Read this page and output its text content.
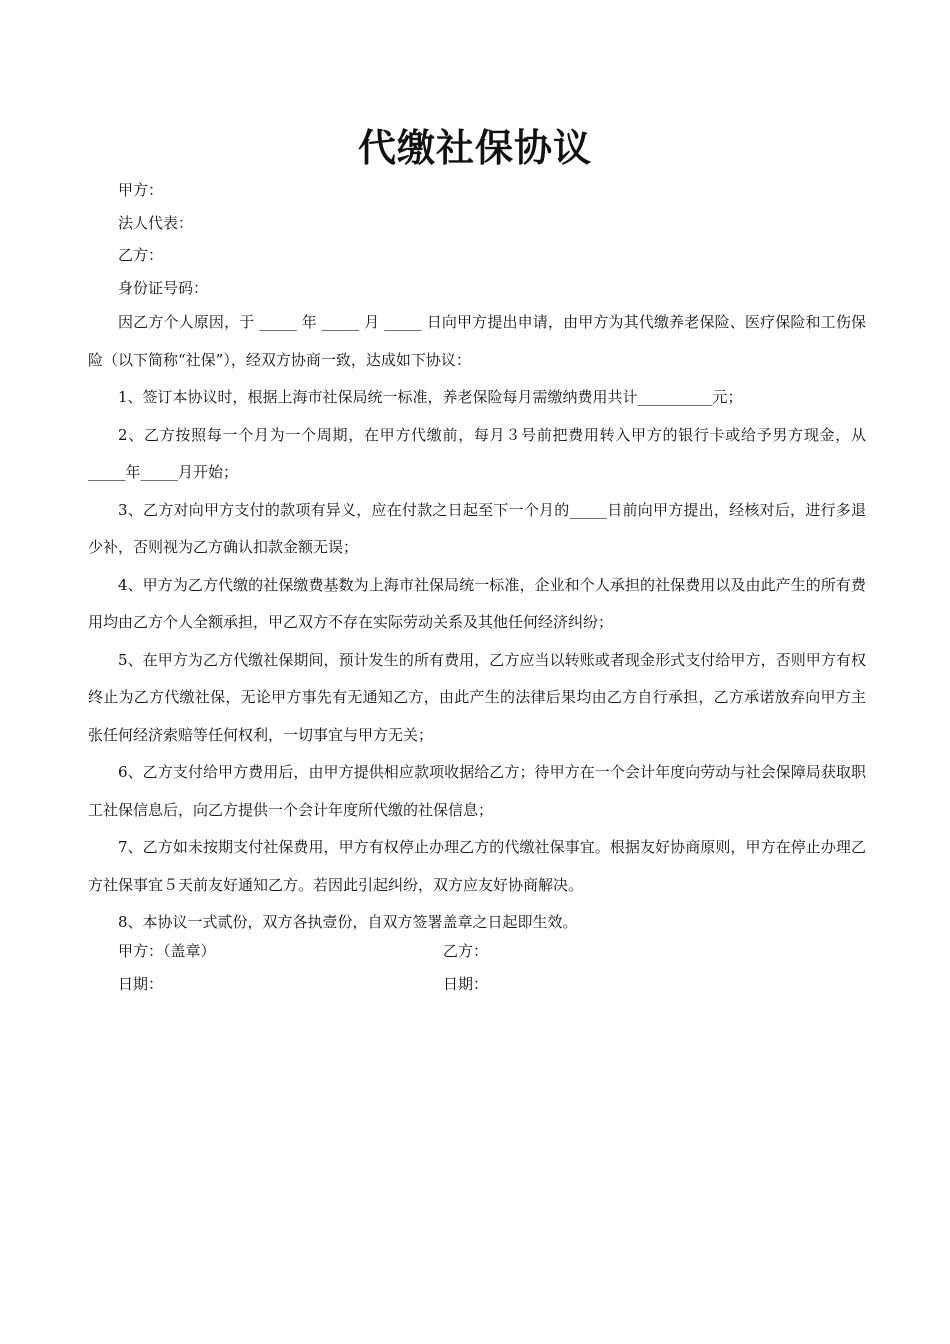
代缴社保协议

甲方：

法人代表：

乙方：

身份证号码：

因乙方个人原因，于 _____ 年 _____ 月 _____ 日向甲方提出申请，由甲方为其代缴养老保险、医疗保险和工伤保险（以下简称“社保”），经双方协商一致，达成如下协议：

1、签订本协议时，根据上海市社保局统一标准，养老保险每月需缴纳费用共计__________元；

2、乙方按照每一个月为一个周期，在甲方代缴前，每月３号前把费用转入甲方的银行卡或给予男方现金，从_____年_____月开始；

3、乙方对向甲方支付的款项有异义，应在付款之日起至下一个月的_____日前向甲方提出，经核对后，进行多退少补，否则视为乙方确认扣款金额无误；

4、甲方为乙方代缴的社保缴费基数为上海市社保局统一标准，企业和个人承担的社保费用以及由此产生的所有费用均由乙方个人全额承担，甲乙双方不存在实际劳动关系及其他任何经济纠纷；

5、在甲方为乙方代缴社保期间，预计发生的所有费用，乙方应当以转账或者现金形式支付给甲方，否则甲方有权终止为乙方代缴社保，无论甲方事先有无通知乙方，由此产生的法律后果均由乙方自行承担，乙方承诺放弃向甲方主张任何经济索赔等任何权利，一切事宜与甲方无关；

6、乙方支付给甲方费用后，由甲方提供相应款项收据给乙方；待甲方在一个会计年度向劳动与社会保障局获取职工社保信息后，向乙方提供一个会计年度所代缴的社保信息；

7、乙方如未按期支付社保费用，甲方有权停止办理乙方的代缴社保事宜。根据友好协商原则，甲方在停止办理乙方社保事宜５天前友好通知乙方。若因此引起纠纷，双方应友好协商解决。

8、本协议一式贰份，双方各执壹份，自双方签署盖章之日起即生效。

甲方：（盖章）	乙方：
日期：	日期：
